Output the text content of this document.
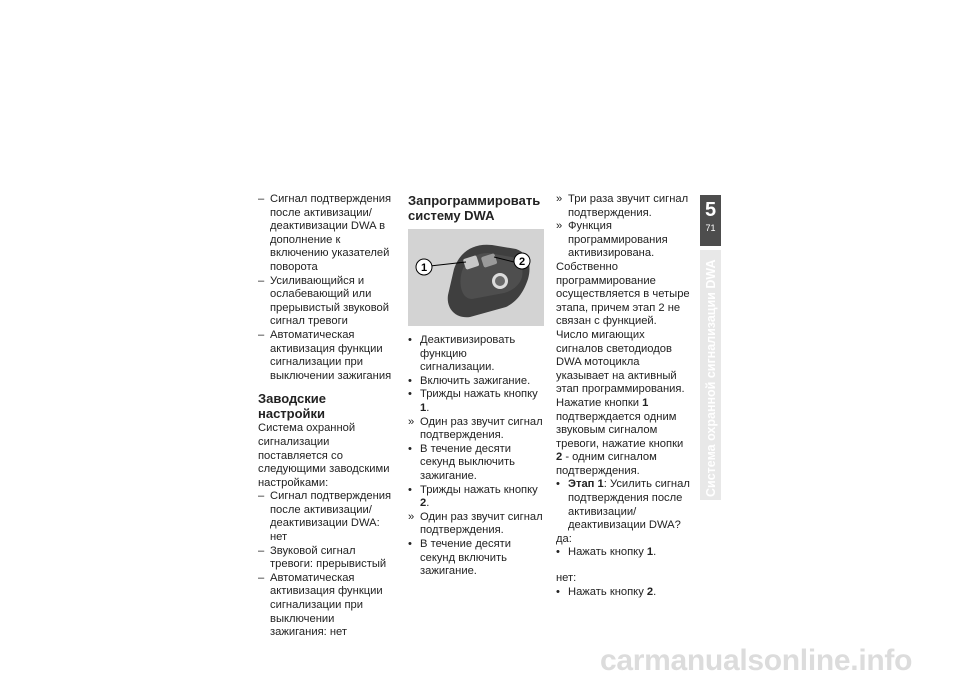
– Сигнал подтверждения после активизации/деактивизации DWA в дополнение к включению указателей поворота
– Усиливающийся и ослабевающий или прерывистый звуковой сигнал тревоги
– Автоматическая активизация функции сигнализации при выключении зажигания
Заводские настройки
Система охранной сигнализации поставляется со следующими заводскими настройками:
– Сигнал подтверждения после активизации/деактивизации DWA: нет
– Звуковой сигнал тревоги: прерывистый
– Автоматическая активизация функции сигнализации при выключении зажигания: нет
Запрограммировать
систему DWA
1	2
• Деактивизировать функцию сигнализации.
• Включить зажигание.
• Трижды нажать кнопку 1.
» Один раз звучит сигнал подтверждения.
• В течение десяти секунд выключить зажигание.
• Трижды нажать кнопку 2.
» Один раз звучит сигнал подтверждения.
• В течение десяти секунд включить зажигание.
» Три раза звучит сигнал подтверждения.
» Функция программирования активизирована.
Собственно программирование осуществляется в четыре этапа, причем этап 2 не связан с функцией. Число мигающих сигналов светодиодов DWA мотоцикла указывает на активный этап программирования. Нажатие кнопки 1 подтверждается одним звуковым сигналом тревоги, нажатие кнопки 2 - одним сигналом подтверждения.
• Этап 1: Усилить сигнал подтверждения после активизации/деактивизации DWA?
да:
• Нажать кнопку 1.
нет:
• Нажать кнопку 2.
5
71
Система охранной сигнализации DWA
carmanualsonline.info
